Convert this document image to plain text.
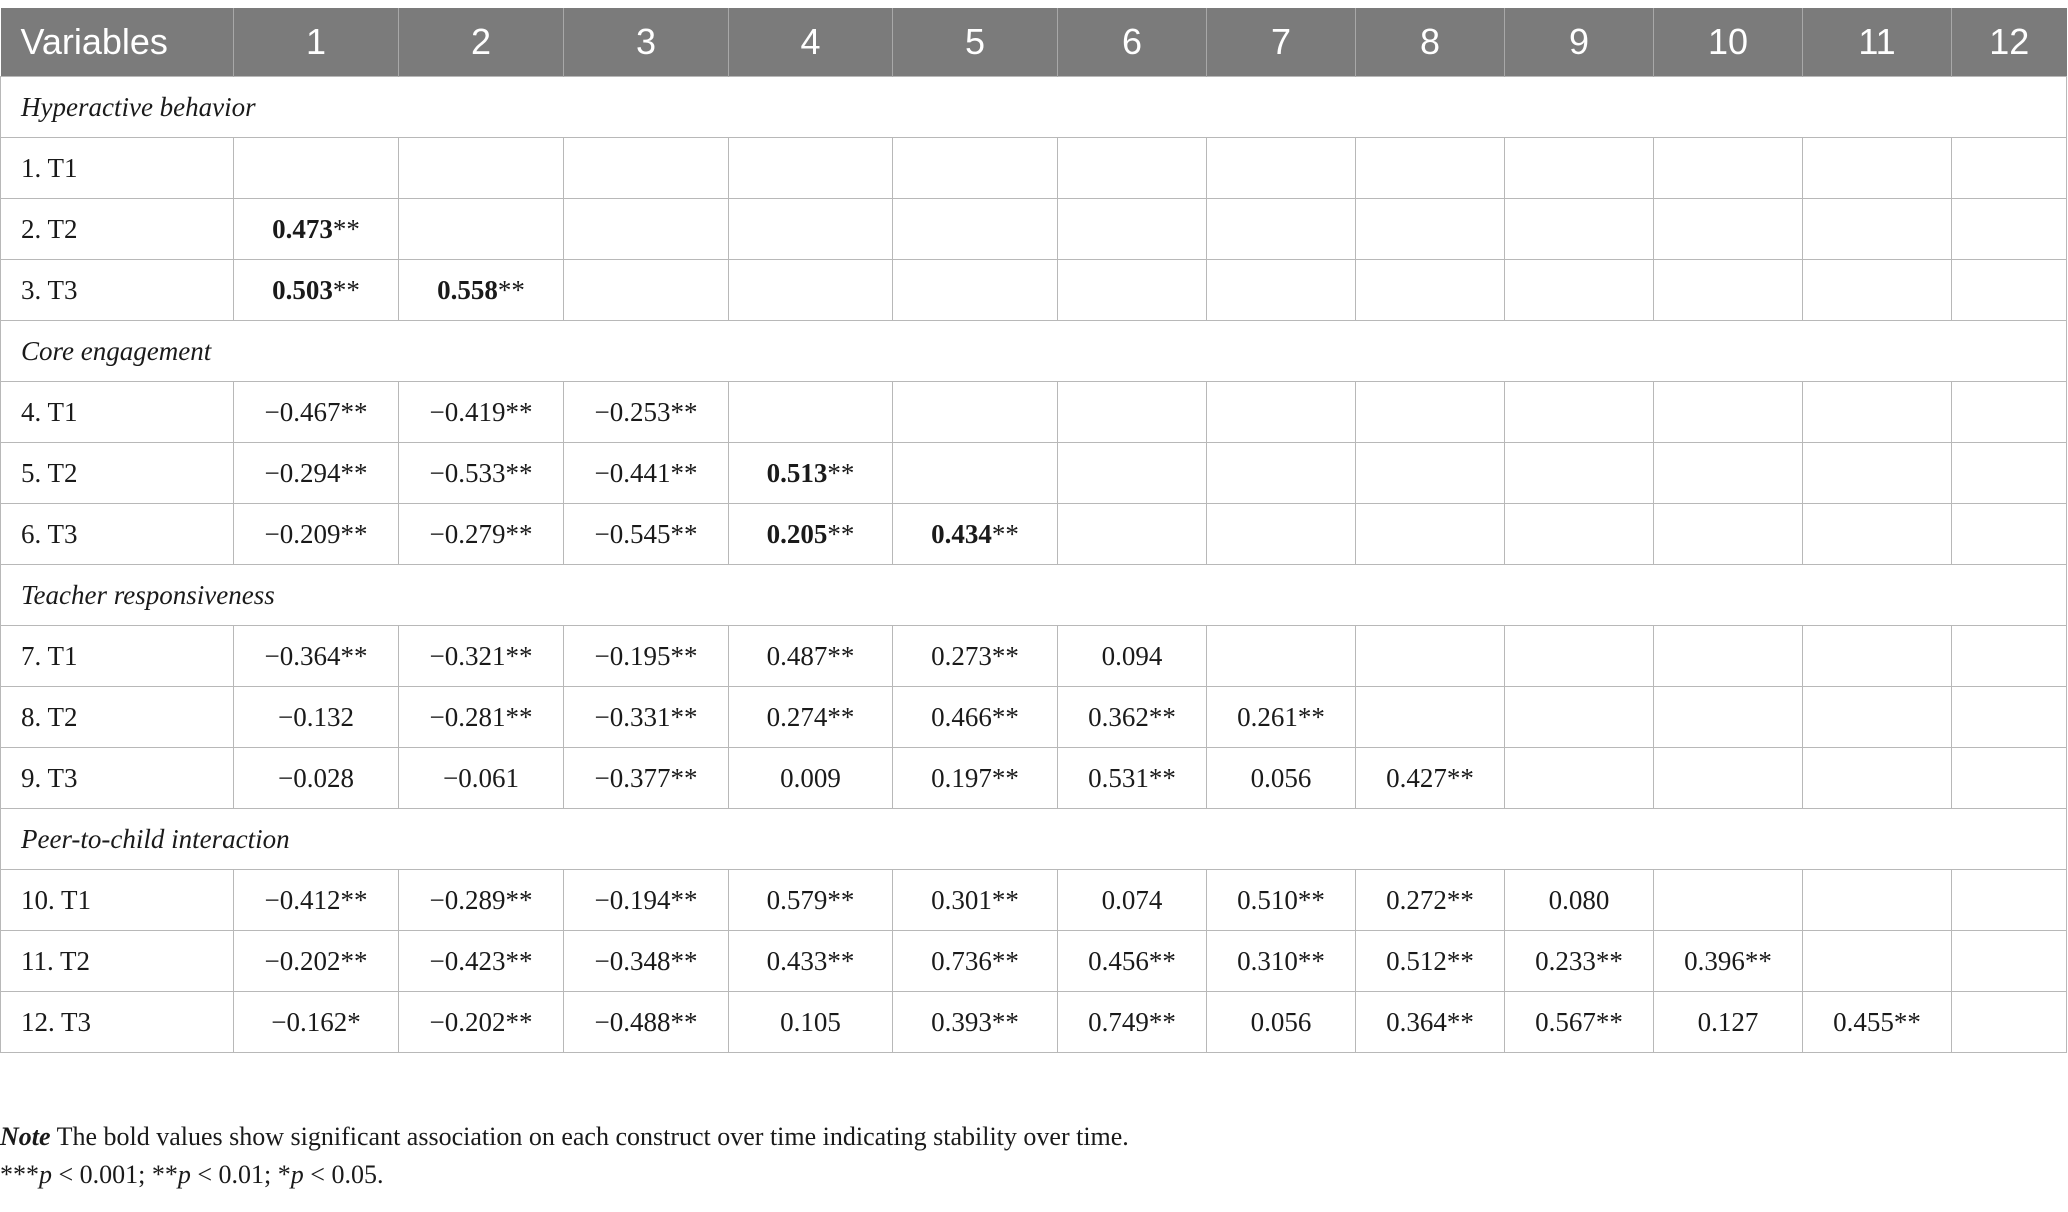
Variables	1	2	3	4	5	6	7	8	9	10	11	12
Hyperactive behavior												
1. T1												
2. T2	0.473**											
3. T3	0.503**	0.558**										
Core engagement												
4. T1	−0.467**	−0.419**	−0.253**									
5. T2	−0.294**	−0.533**	−0.441**	0.513**								
6. T3	−0.209**	−0.279**	−0.545**	0.205**	0.434**							
Teacher responsiveness												
7. T1	−0.364**	−0.321**	−0.195**	0.487**	0.273**	0.094						
8. T2	−0.132	−0.281**	−0.331**	0.274**	0.466**	0.362**	0.261**					
9. T3	−0.028	−0.061	−0.377**	0.009	0.197**	0.531**	0.056	0.427**				
Peer-to-child interaction												
10. T1	−0.412**	−0.289**	−0.194**	0.579**	0.301**	0.074	0.510**	0.272**	0.080			
11. T2	−0.202**	−0.423**	−0.348**	0.433**	0.736**	0.456**	0.310**	0.512**	0.233**	0.396**		
12. T3	−0.162*	−0.202**	−0.488**	0.105	0.393**	0.749**	0.056	0.364**	0.567**	0.127	0.455**	
Note The bold values show significant association on each construct over time indicating stability over time.
***p < 0.001; **p < 0.01; *p < 0.05.
